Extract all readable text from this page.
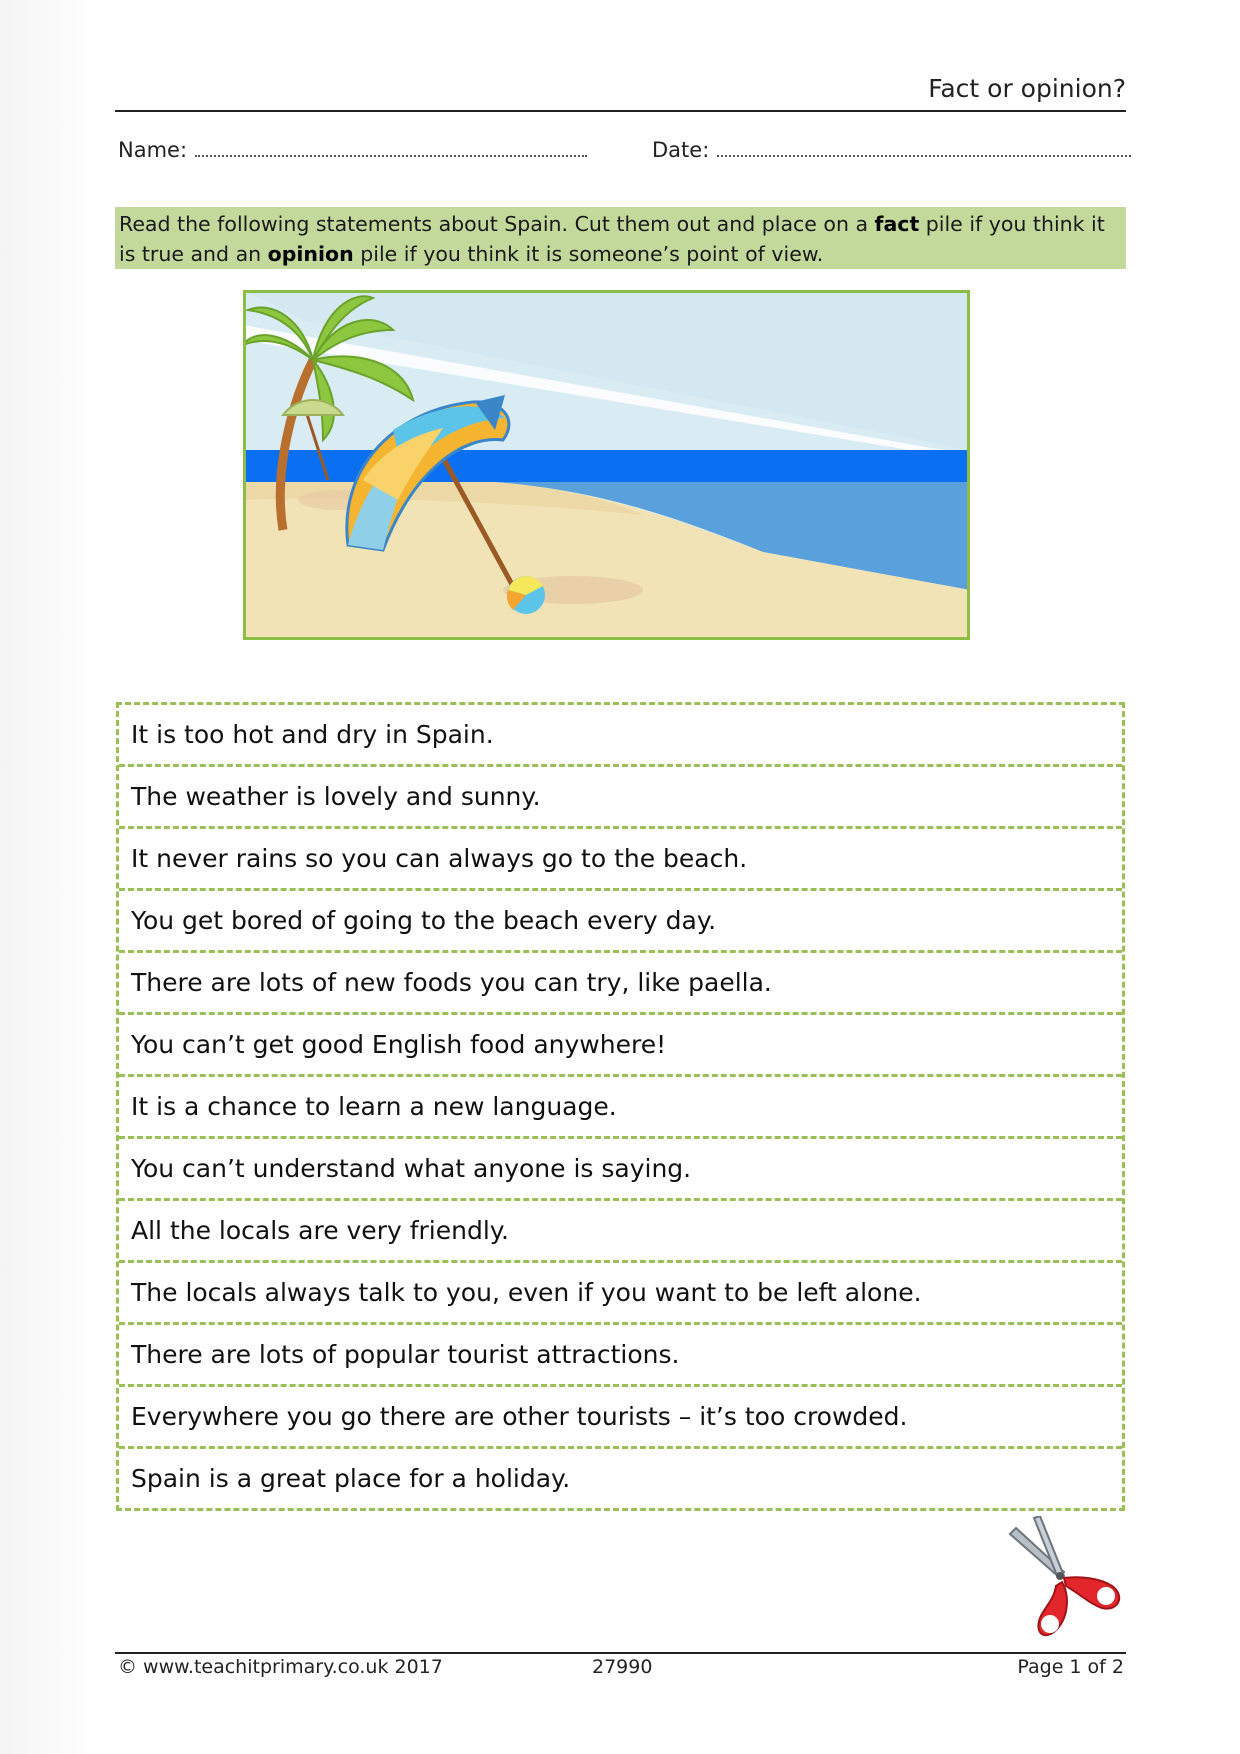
Fact or opinion?
Name:	Date:
Read the following statements about Spain. Cut them out and place on a fact pile if you think it is true and an opinion pile if you think it is someone’s point of view.
It is too hot and dry in Spain.
The weather is lovely and sunny.
It never rains so you can always go to the beach.
You get bored of going to the beach every day.
There are lots of new foods you can try, like paella.
You can’t get good English food anywhere!
It is a chance to learn a new language.
You can’t understand what anyone is saying.
All the locals are very friendly.
The locals always talk to you, even if you want to be left alone.
There are lots of popular tourist attractions.
Everywhere you go there are other tourists – it’s too crowded.
Spain is a great place for a holiday.
© www.teachitprimary.co.uk 2017	27990	Page 1 of 2
